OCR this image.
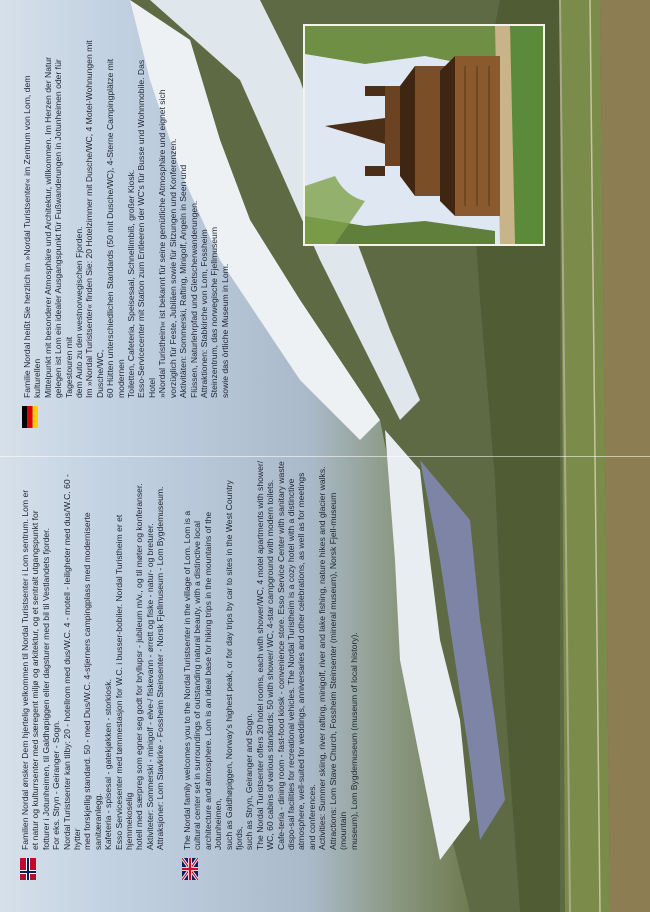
Familien Nordal ønsker Dem hjertelig velkommen til Nordal Turistsenter i Lom sentrum. Lom er et natur og kulturrsenter med særegent miljø og arkitektur, og et sentralt utgangspunkt for fotturer i Jotunheimen, til Galdhøpiggen eller dagsturer med bil til Vestlandets fjorder. For eks. Stryn - Geiranger - Sogn. Nordal Turistsenter kan tilby: 20 - hotellrom med dus/W.C. 4 - motell - leiligheter med dus/W.C. 60 - hytter med forskjellig standard. 50 - med Dus/W.C. 4-stjerners campingplass med moderniserte sanitæranlegg. Kafeteria - spisesal - gatekjøkken - storkiosk. Esso Servicesenter med tømmestasjon for W.C. i busser-bobiler. Nordal Turistheim er et hjemmekoselig hotell med særpreg som egner seg godt for bryllupsr - jubileum m/v., og til møter og konferanser. Aktiviteter: Sommerski - minigolf - elve-/ fiskevann - ørrett og fiske - natur- og breturer. Attraksjoner: Lom Stavkirke - Fossheim Steinsenter - Norsk Fjellmuseum - Lom Bygdemuseum. The Nordal family welcomes you to the Nordal Turistsenter in the village of Lom. Lom is a cultural center set in surroundings of outstanding natural beauty, with a distinctive local architecture and atmosphere. Lom is an ideal base for hiking trips in the mountains of the Jotunheimen, such as Galdhøpiggen, Norway's highest peak, or for day trips by car to sites in the West Country fjords, such as Stryn, Geiranger and Sogn. The Nordal Turistsenter offers 20 hotel rooms, each with shower/WC, 4 motel apartments with shower/ WC, 60 cabins of various standards; 50 with shower/ WC, 4-star campground with modern toilets. Cafe-teria - dining room - fast-food kiosk - convenience store. Esso Service Center with sanitary waste dispo-sal facilities for recreational vehicles. The Nordal Turistheim is a cozy hotel with a distinctive atmosphere, well-suited for weddings, anniversaries and other celebrations, as well as for meetings and conferences. Activities: Summer skiing, river rafting, minigolf, river and lake fishing, nature hikes and glacier walks. Attractions: Lom Stave Church, Fossheim Steinsenter (mineral museum), Norsk Fjell-museum (mountain museum), Lom Bygdemuseum (museum of local history).

Familie Nordal heißt Sie herzlich im »Nordal Turistsenter« im Zentrum von Lom, dem kulturellen Mittelpunkt mit besonderer Atmosphäre und Architektur, willkommen. Im Herzen der Natur gelegen ist Lom ein idealer Ausgangspunkt für Fußwanderungen in Jotunheimen oder für Tagestouren mit dem Auto zu den westnorwegischen Fjorden. Im »Nordal Turistsenter« finden Sie: 20 Hotelzimmer mit Dusche/WC, 4 Motel-Wohnungen mit Dusche/WC, 60 Hütten unterschiedlichen Standards (50 mit Dusche/WC), 4-Sterne Campingplätze mit modernen Toiletten, Cafeteria, Speisesaal, Schnellimbiß, großer Kiosk. Esso-Servicecenter mit Station zum Entleeren der WC's für Busse und Wohnmobile. Das Hotel »Nordal Turistheim« ist bekannt für seine gemütliche Atmosphäre und eignet sich vorzüglich für Feste, Jubiläen sowie für Sitzungen und Konferenzen. Aktivitäten: Sommerski, Rafting, Minigolf, Angeln in Seen und Flüssen, Naturlehrpfad und Gletscherwanderungen. Attraktionen: Stabkirche von Lom, Fossheim Steinzentrum, das norwegische Fjellmuseum sowie das örtliche Museum in Lom.
